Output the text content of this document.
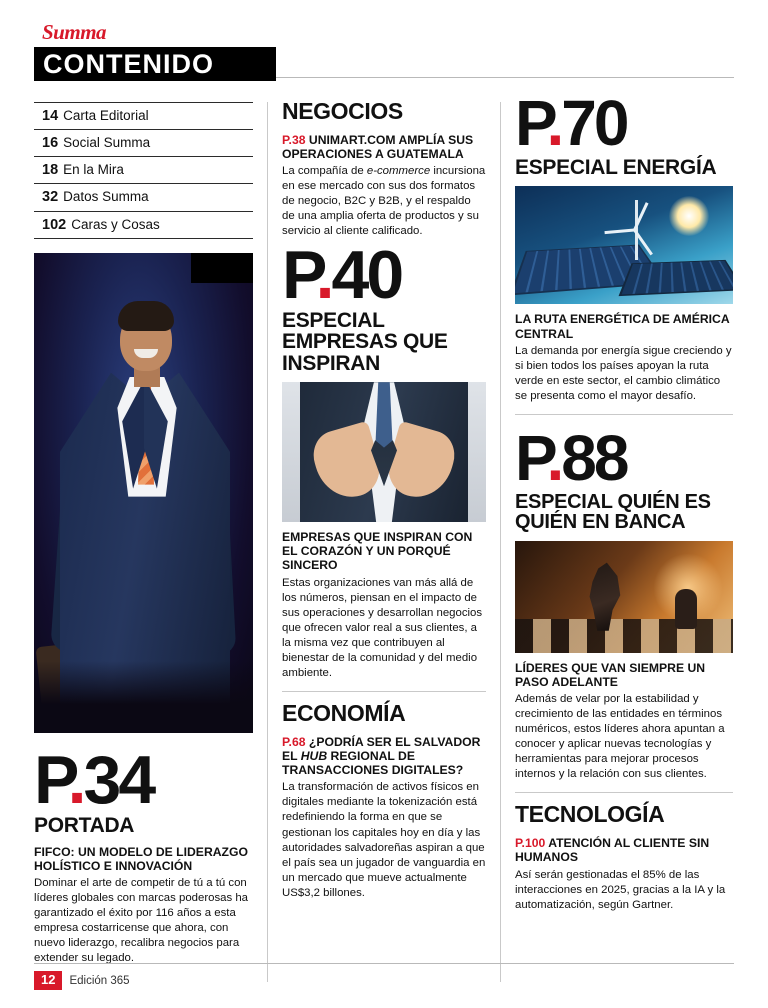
Summa
CONTENIDO
14 Carta Editorial
16 Social Summa
18 En la Mira
32 Datos Summa
102 Caras y Cosas
P.34
PORTADA
FIFCO: UN MODELO DE LIDERAZGO HOLÍSTICO E INNOVACIÓN

Dominar el arte de competir de tú a tú con líderes globales con marcas poderosas ha garantizado el éxito por 116 años a esta empresa costarricense que ahora, con nuevo liderazgo, recalibra negocios para extender su legado.

NEGOCIOS
P.38 UNIMART.COM AMPLÍA SUS OPERACIONES A GUATEMALA

La compañía de e-commerce incursiona en ese mercado con sus dos formatos de negocio, B2C y B2B, y el respaldo de una amplia oferta de productos y su servicio al cliente calificado.

P.40
ESPECIAL EMPRESAS QUE INSPIRAN
EMPRESAS QUE INSPIRAN CON EL CORAZÓN Y UN PORQUÉ SINCERO

Estas organizaciones van más allá de los números, piensan en el impacto de sus operaciones y desarrollan negocios que ofrecen valor real a sus clientes, a la misma vez que contribuyen al bienestar de la comunidad y del medio ambiente.

ECONOMÍA
P.68 ¿PODRÍA SER EL SALVADOR EL HUB REGIONAL DE TRANSACCIONES DIGITALES?

La transformación de activos físicos en digitales mediante la tokenización está redefiniendo la forma en que se gestionan los capitales hoy en día y las autoridades salvadoreñas aspiran a que el país sea un jugador de vanguardia en un mercado que mueve actualmente US$3,2 billones.

P.70
ESPECIAL ENERGÍA
LA RUTA ENERGÉTICA DE AMÉRICA CENTRAL

La demanda por energía sigue creciendo y si bien todos los países apoyan la ruta verde en este sector, el cambio climático se presenta como el mayor desafío.

P.88
ESPECIAL QUIÉN ES QUIÉN EN BANCA
LÍDERES QUE VAN SIEMPRE UN PASO ADELANTE

Además de velar por la estabilidad y crecimiento de las entidades en términos numéricos, estos líderes ahora apuntan a conocer y aplicar nuevas tecnologías y herramientas para mejorar procesos internos y la relación con sus clientes.

TECNOLOGÍA
P.100 ATENCIÓN AL CLIENTE SIN HUMANOS

Así serán gestionadas el 85% de las interacciones en 2025, gracias a la IA y la automatización, según Gartner.

12	Edición 365
